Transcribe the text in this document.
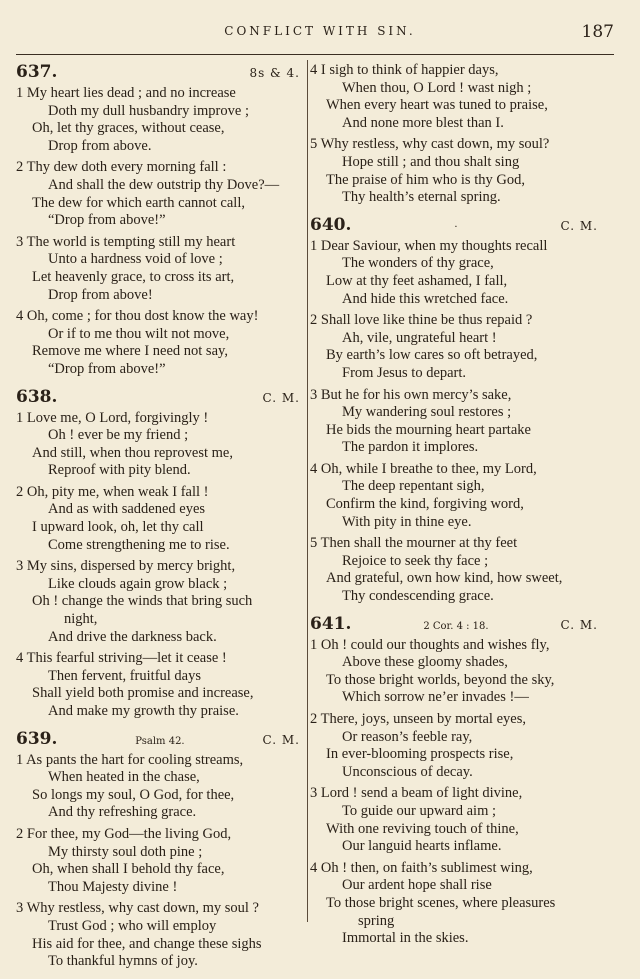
CONFLICT WITH SIN.	187
637.	8s & 4.
1 My heart lies dead ; and no increase
Doth my dull husbandry improve ;
Oh, let thy graces, without cease,
Drop from above.
2 Thy dew doth every morning fall :
And shall the dew outstrip thy Dove?—
The dew for which earth cannot call,
“Drop from above!”
3 The world is tempting still my heart
Unto a hardness void of love ;
Let heavenly grace, to cross its art,
Drop from above!
4 Oh, come ; for thou dost know the way!
Or if to me thou wilt not move,
Remove me where I need not say,
“Drop from above!”
638.	C. M.
1 Love me, O Lord, forgivingly !
Oh ! ever be my friend ;
And still, when thou reprovest me,
Reproof with pity blend.
2 Oh, pity me, when weak I fall !
And as with saddened eyes
I upward look, oh, let thy call
Come strengthening me to rise.
3 My sins, dispersed by mercy bright,
Like clouds again grow black ;
Oh ! change the winds that bring such
night,
And drive the darkness back.
4 This fearful striving—let it cease !
Then fervent, fruitful days
Shall yield both promise and increase,
And make my growth thy praise.
639.	Psalm 42.	C. M.
1 As pants the hart for cooling streams,
When heated in the chase,
So longs my soul, O God, for thee,
And thy refreshing grace.
2 For thee, my God—the living God,
My thirsty soul doth pine ;
Oh, when shall I behold thy face,
Thou Majesty divine !
3 Why restless, why cast down, my soul ?
Trust God ; who will employ
His aid for thee, and change these sighs
To thankful hymns of joy.
4 I sigh to think of happier days,
When thou, O Lord ! wast nigh ;
When every heart was tuned to praise,
And none more blest than I.
5 Why restless, why cast down, my soul?
Hope still ; and thou shalt sing
The praise of him who is thy God,
Thy health’s eternal spring.
640.	·	C. M.
1 Dear Saviour, when my thoughts recall
The wonders of thy grace,
Low at thy feet ashamed, I fall,
And hide this wretched face.
2 Shall love like thine be thus repaid ?
Ah, vile, ungrateful heart !
By earth’s low cares so oft betrayed,
From Jesus to depart.
3 But he for his own mercy’s sake,
My wandering soul restores ;
He bids the mourning heart partake
The pardon it implores.
4 Oh, while I breathe to thee, my Lord,
The deep repentant sigh,
Confirm the kind, forgiving word,
With pity in thine eye.
5 Then shall the mourner at thy feet
Rejoice to seek thy face ;
And grateful, own how kind, how sweet,
Thy condescending grace.
641.	2 Cor. 4 : 18.	C. M.
1 Oh ! could our thoughts and wishes fly,
Above these gloomy shades,
To those bright worlds, beyond the sky,
Which sorrow ne’er invades !—
2 There, joys, unseen by mortal eyes,
Or reason’s feeble ray,
In ever-blooming prospects rise,
Unconscious of decay.
3 Lord ! send a beam of light divine,
To guide our upward aim ;
With one reviving touch of thine,
Our languid hearts inflame.
4 Oh ! then, on faith’s sublimest wing,
Our ardent hope shall rise
To those bright scenes, where pleasures
spring
Immortal in the skies.
